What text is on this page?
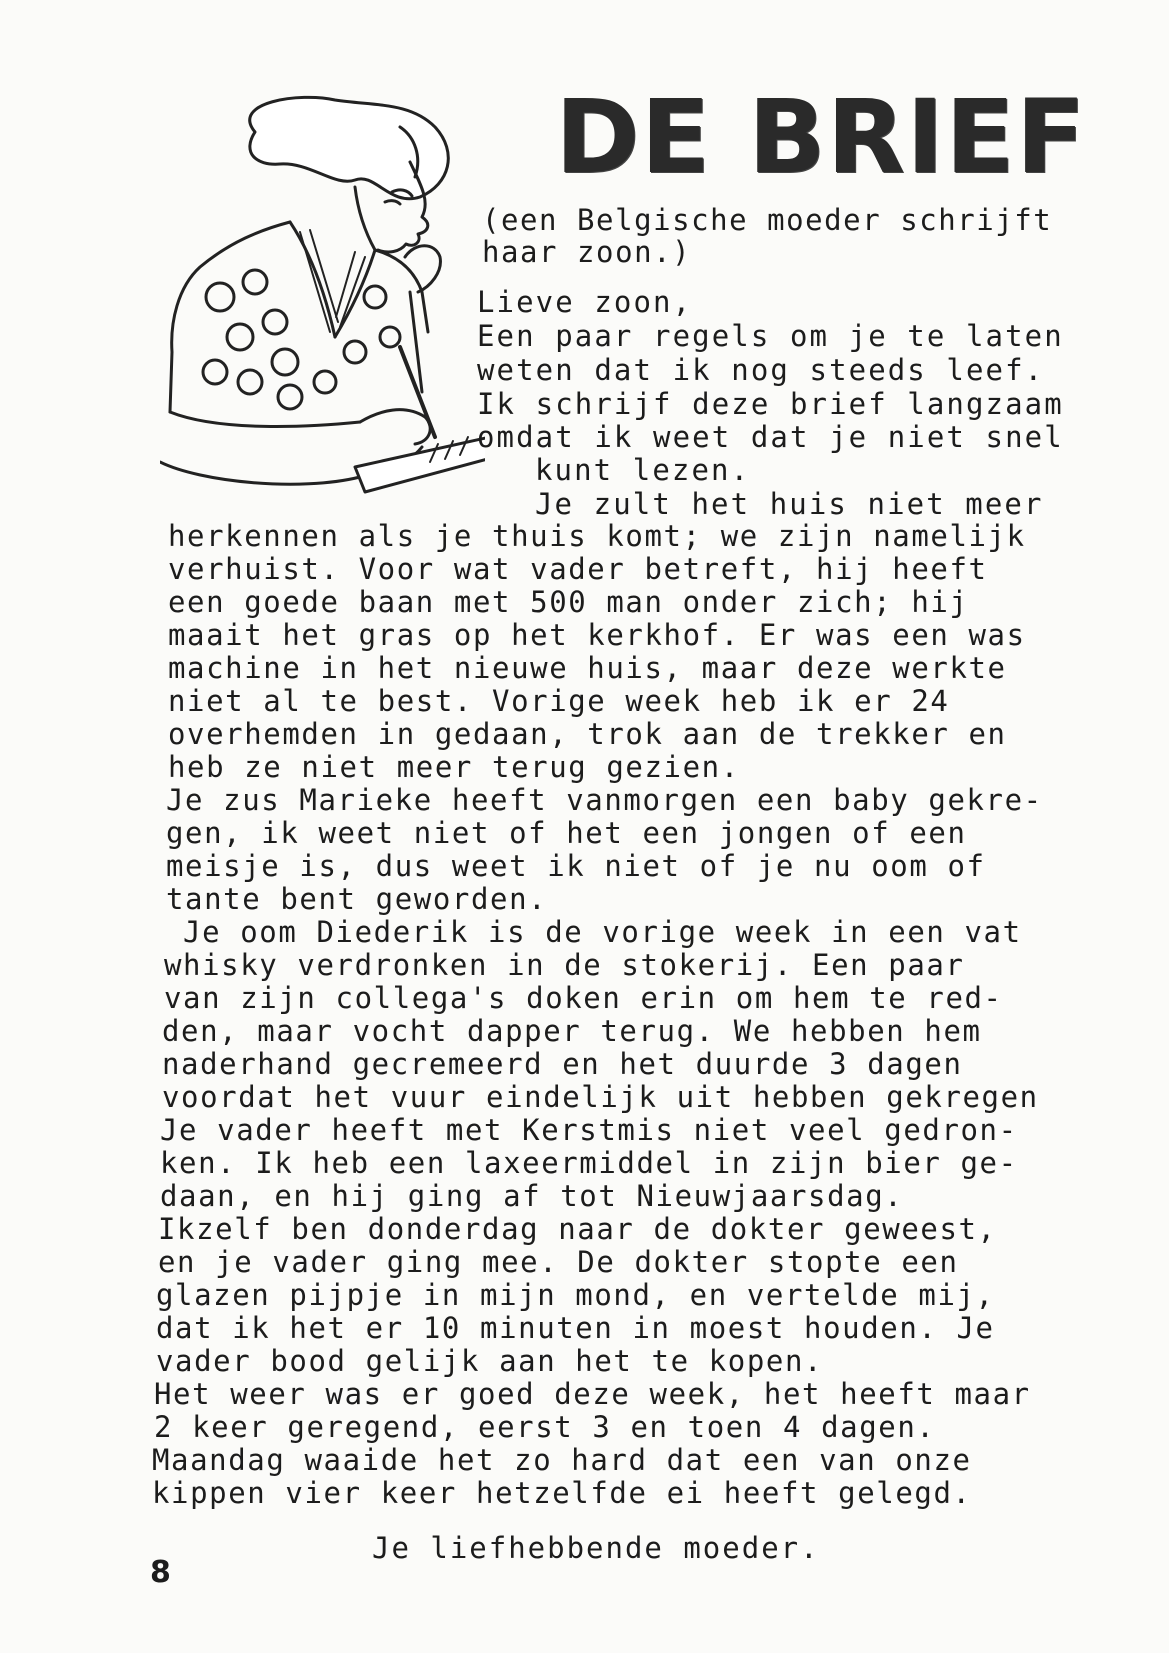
DE BRIEF
(een Belgische moeder schrijft
haar zoon.)
Lieve zoon,
Een paar regels om je te laten
weten dat ik nog steeds leef.
Ik schrijf deze brief langzaam
omdat ik weet dat je niet snel
kunt lezen.
Je zult het huis niet meer
herkennen als je thuis komt; we zijn namelijk
verhuist. Voor wat vader betreft, hij heeft
een goede baan met 500 man onder zich; hij
maait het gras op het kerkhof. Er was een was
machine in het nieuwe huis, maar deze werkte
niet al te best. Vorige week heb ik er 24
overhemden in gedaan, trok aan de trekker en
heb ze niet meer terug gezien.
Je zus Marieke heeft vanmorgen een baby gekre-
gen, ik weet niet of het een jongen of een
meisje is, dus weet ik niet of je nu oom of
tante bent geworden.
Je oom Diederik is de vorige week in een vat
whisky verdronken in de stokerij. Een paar
van zijn collega's doken erin om hem te red-
den, maar vocht dapper terug. We hebben hem
naderhand gecremeerd en het duurde 3 dagen
voordat het vuur eindelijk uit hebben gekregen
Je vader heeft met Kerstmis niet veel gedron-
ken. Ik heb een laxeermiddel in zijn bier ge-
daan, en hij ging af tot Nieuwjaarsdag.
Ikzelf ben donderdag naar de dokter geweest,
en je vader ging mee. De dokter stopte een
glazen pijpje in mijn mond, en vertelde mij,
dat ik het er 10 minuten in moest houden. Je
vader bood gelijk aan het te kopen.
Het weer was er goed deze week, het heeft maar
2 keer geregend, eerst 3 en toen 4 dagen.
Maandag waaide het zo hard dat een van onze
kippen vier keer hetzelfde ei heeft gelegd.
Je liefhebbende moeder.
8
